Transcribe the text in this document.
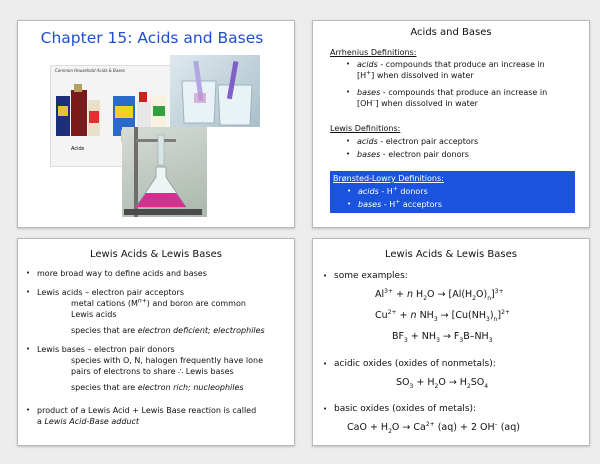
Chapter 15: Acids and Bases
Common Household Acids & Bases
Acids
Acids and Bases
Arrhenius Definitions:
• acids - compounds that produce an increase in
[H+] when dissolved in water
• bases - compounds that produce an increase in
[OH–] when dissolved in water
Lewis Definitions:
• acids - electron pair acceptors
• bases - electron pair donors
Brønsted-Lowry Definitions:
• acids - H+ donors
• bases - H+ acceptors
Lewis Acids & Lewis Bases
• more broad way to define acids and bases
• Lewis acids – electron pair acceptors
metal cations $(M^{n+})$ and boron are common
Lewis acids
species that are electron deficient; electrophiles
• Lewis bases – electron pair donors
species with O, N, halogen frequently have lone
pairs of electrons to share ∴ Lewis bases
species that are electron rich; nucleophiles
• product of a Lewis Acid + Lewis Base reaction is called
a Lewis Acid-Base adduct
Lewis Acids & Lewis Bases
• some examples:
$Al^{3+} + n$ $H_2O \to [Al(H_2O)_n]^{3+}$
$Cu^{2+} + n$ $NH_3 \to [Cu(NH_3)_n]^{2+}$
$BF_3 + NH_3 \to F_3B-NH_3$
• acidic oxides (oxides of nonmetals):
$SO_3 + H_2O \to H_2SO_4$
• basic oxides (oxides of metals):
CaO + $H_2O \to Ca^{2+}$ (aq) + 2 OH– (aq)
